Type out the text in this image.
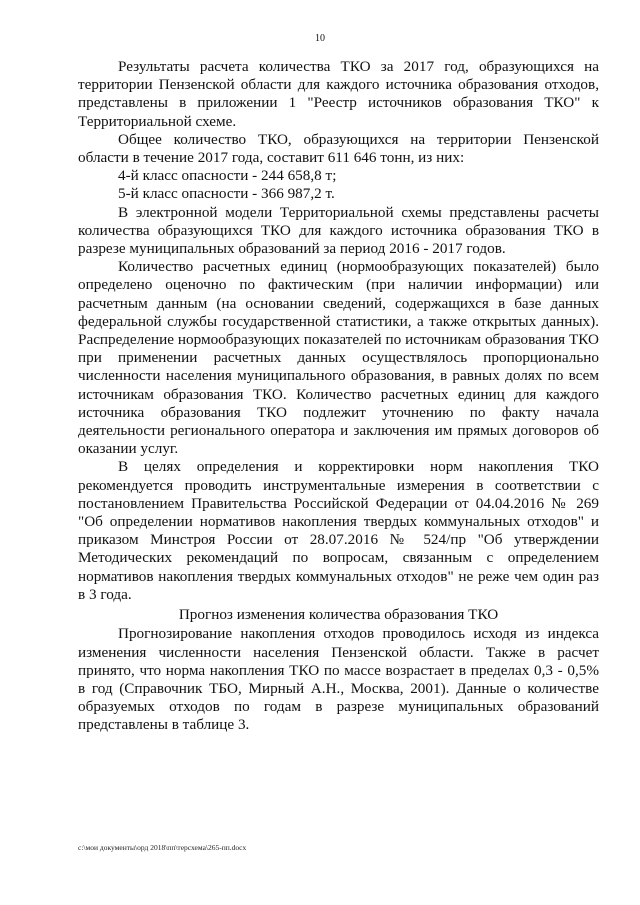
10

Результаты расчета количества ТКО за 2017 год, образующихся на территории Пензенской области для каждого источника образования отходов, представлены в приложении 1 "Реестр источников образования ТКО" к Территориальной схеме.

Общее количество ТКО, образующихся на территории Пензенской области в течение 2017 года, составит 611 646 тонн, из них:

4-й класс опасности - 244 658,8 т;

5-й класс опасности - 366 987,2 т.

В электронной модели Территориальной схемы представлены расчеты количества образующихся ТКО для каждого источника образования ТКО в разрезе муниципальных образований за период 2016 - 2017 годов.

Количество расчетных единиц (нормообразующих показателей) было определено оценочно по фактическим (при наличии информации) или расчетным данным (на основании сведений, содержащихся в базе данных федеральной службы государственной статистики, а также открытых данных). Распределение нормообразующих показателей по источникам образования ТКО при применении расчетных данных осуществлялось пропорционально численности населения муниципального образования, в равных долях по всем источникам образования ТКО. Количество расчетных единиц для каждого источника образования ТКО подлежит уточнению по факту начала деятельности регионального оператора и заключения им прямых договоров об оказании услуг.

В целях определения и корректировки норм накопления ТКО рекомендуется проводить инструментальные измерения в соответствии с постановлением Правительства Российской Федерации от 04.04.2016 № 269 "Об определении нормативов накопления твердых коммунальных отходов" и приказом Минстроя России от 28.07.2016 № 524/пр "Об утверждении Методических рекомендаций по вопросам, связанным с определением нормативов накопления твердых коммунальных отходов" не реже чем один раз в 3 года.

Прогноз изменения количества образования ТКО

Прогнозирование накопления отходов проводилось исходя из индекса изменения численности населения Пензенской области. Также в расчет принято, что норма накопления ТКО по массе возрастает в пределах 0,3 - 0,5% в год (Справочник ТБО, Мирный А.Н., Москва, 2001). Данные о количестве образуемых отходов по годам в разрезе муниципальных образований представлены в таблице 3.

c:\мои документы\орд 2018\пп\терсхема\265-пп.docx
